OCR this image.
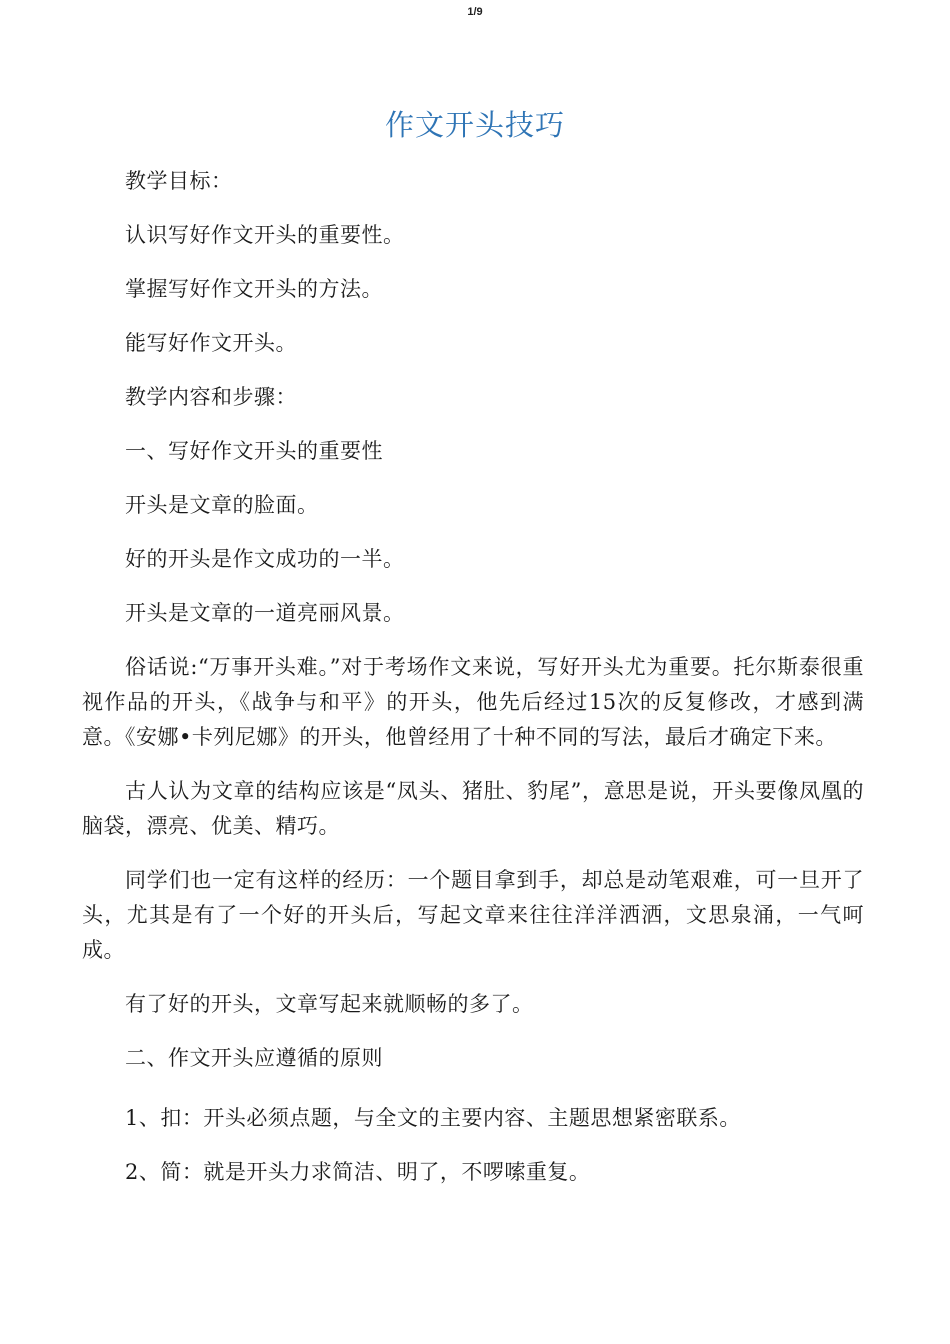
1/9
作文开头技巧

教学目标：

认识写好作文开头的重要性。

掌握写好作文开头的方法。

能写好作文开头。

教学内容和步骤：

一、写好作文开头的重要性

开头是文章的脸面。

好的开头是作文成功的一半。

开头是文章的一道亮丽风景。

俗话说:“万事开头难。”对于考场作文来说，写好开头尤为重要。托尔斯泰很重视作品的开头，《战争与和平》的开头，他先后经过15次的反复修改，才感到满意。《安娜•卡列尼娜》的开头，他曾经用了十种不同的写法，最后才确定下来。

古人认为文章的结构应该是“凤头、猪肚、豹尾”，意思是说，开头要像凤凰的脑袋，漂亮、优美、精巧。

同学们也一定有这样的经历：一个题目拿到手，却总是动笔艰难，可一旦开了头，尤其是有了一个好的开头后，写起文章来往往洋洋洒洒，文思泉涌，一气呵成。

有了好的开头，文章写起来就顺畅的多了。

二、作文开头应遵循的原则

1、扣：开头必须点题，与全文的主要内容、主题思想紧密联系。

2、简：就是开头力求简洁、明了，不啰嗦重复。
